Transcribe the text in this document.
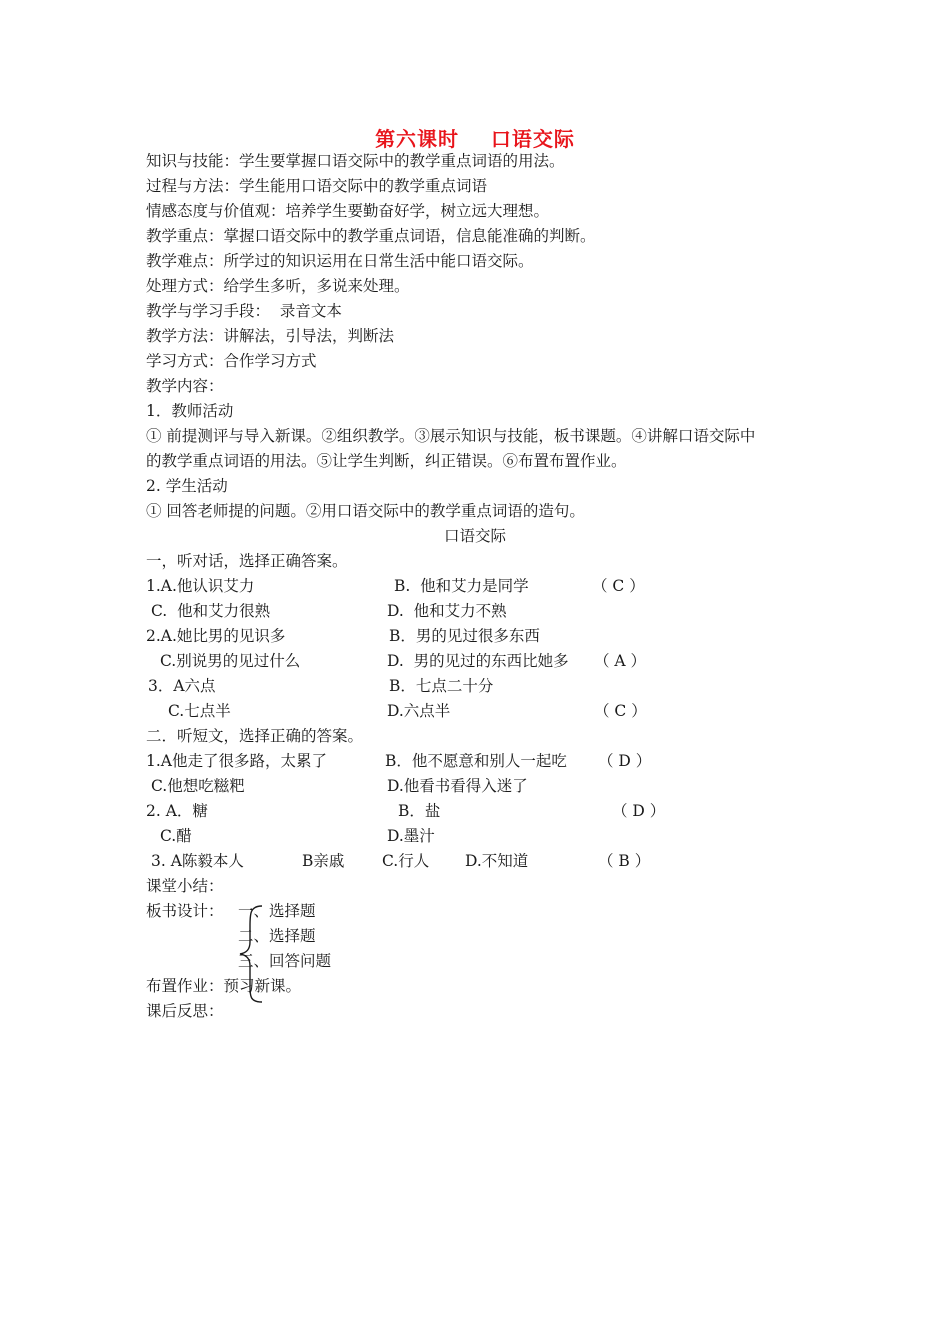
第六课时    口语交际
知识与技能：学生要掌握口语交际中的教学重点词语的用法。
过程与方法：学生能用口语交际中的教学重点词语
情感态度与价值观：培养学生要勤奋好学，树立远大理想。
教学重点：掌握口语交际中的教学重点词语，信息能准确的判断。
教学难点：所学过的知识运用在日常生活中能口语交际。
处理方式：给学生多听，多说来处理。
教学与学习手段：  录音文本
教学方法：讲解法，引导法，判断法
学习方式：合作学习方式
教学内容：
1．教师活动
① 前提测评与导入新课。②组织教学。③展示知识与技能，板书课题。④讲解口语交际中
的教学重点词语的用法。⑤让学生判断，纠正错误。⑥布置布置作业。
2. 学生活动
① 回答老师提的问题。②用口语交际中的教学重点词语的造句。
口语交际
一，听对话，选择正确答案。
1.A.他认识艾力	B.  他和艾力是同学	（ C ）
C.  他和艾力很熟	D.  他和艾力不熟
2.A.她比男的见识多	B．男的见过很多东西
C.别说男的见过什么	D.  男的见过的东西比她多 （ A ）
3．A六点	B．七点二十分
C.七点半	D.六点半	（ C ）
二．听短文，选择正确的答案。
1.A他走了很多路，太累了	B．他不愿意和别人一起吃 （ D ）
C.他想吃糍粑	D.他看书看得入迷了
2. A．糖	B．盐	（ D ）
C.醋	D.墨汁
3. A陈毅本人	B亲戚 C.行人 D.不知道	（ B ）
课堂小结：
板书设计： 一、选择题
二、选择题
三、回答问题
布置作业：预习新课。
课后反思：
